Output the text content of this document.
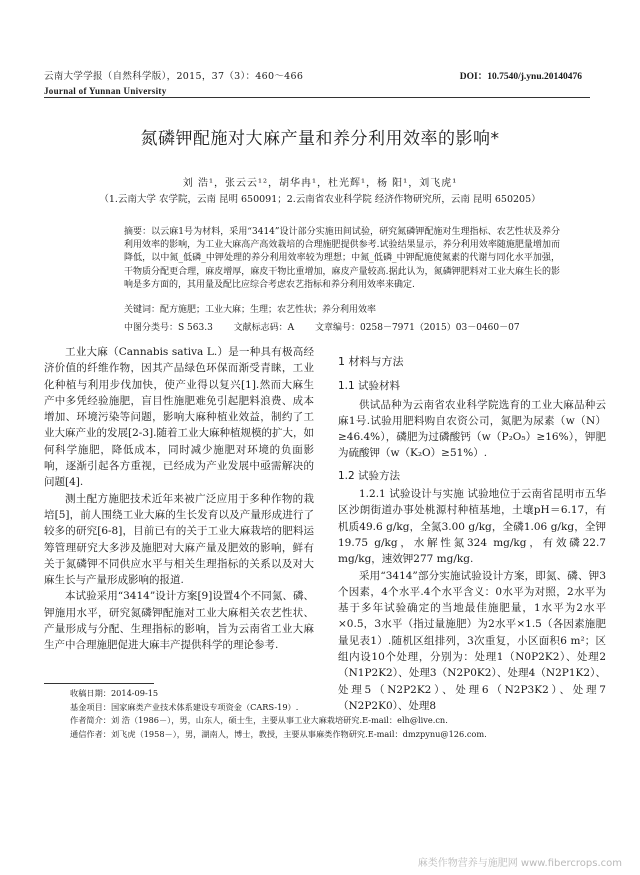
云南大学学报（自然科学版），2015，37（3）：460～466
Journal of Yunnan University
DOI：10.7540/j.ynu.20140476
氮磷钾配施对大麻产量和养分利用效率的影响*
刘 浩¹，张云云¹²，胡华冉¹，杜光辉¹，杨 阳¹，刘飞虎¹
（1.云南大学 农学院，云南 昆明 650091；2.云南省农业科学院 经济作物研究所，云南 昆明 650205）
摘要：以云麻1号为材料，采用“3414”设计部分实施田间试验，研究氮磷钾配施对生理指标、农艺性状及养分利用效率的影响，为工业大麻高产高效栽培的合理施肥提供参考.试验结果显示，养分利用效率随施肥量增加而降低，以中氮_低磷_中钾处理的养分利用效率较为理想；中氮_低磷_中钾配施使氮素的代谢与同化水平加强，干物质分配更合理，麻皮增厚，麻皮干物比重增加，麻皮产量较高.据此认为，氮磷钾肥料对工业大麻生长的影响是多方面的，其用量及配比应综合考虑农艺指标和养分利用效率来确定.
关键词：配方施肥；工业大麻；生理；农艺性状；养分利用效率
中图分类号：S 563.3 文献标志码：A 文章编号：0258－7971（2015）03－0460－07

工业大麻（Cannabis sativa L.）是一种具有极高经济价值的纤维作物，因其产品绿色环保而渐受青睐，工业化种植与利用步伐加快，使产业得以复兴[1].然而大麻生产中多凭经验施肥，盲目性施肥难免引起肥料浪费、成本增加、环境污染等问题，影响大麻种植业效益，制约了工业大麻产业的发展[2-3].随着工业大麻种植规模的扩大，如何科学施肥，降低成本，同时减少施肥对环境的负面影响，逐渐引起各方重视，已经成为产业发展中亟需解决的问题[4].

测土配方施肥技术近年来被广泛应用于多种作物的栽培[5]，前人围绕工业大麻的生长发育以及产量形成进行了较多的研究[6-8]，目前已有的关于工业大麻栽培的肥料运筹管理研究大多涉及施肥对大麻产量及肥效的影响，鲜有关于氮磷钾不同供应水平与相关生理指标的关系以及对大麻生长与产量形成影响的报道.

本试验采用“3414”设计方案[9]设置4个不同氮、磷、钾施用水平，研究氮磷钾配施对工业大麻相关农艺性状、产量形成与分配、生理指标的影响，旨为云南省工业大麻生产中合理施肥促进大麻丰产提供科学的理论参考.

1 材料与方法
1.1 试验材料

供试品种为云南省农业科学院选育的工业大麻品种云麻1号.试验用肥料购自农资公司，氮肥为尿素（w（N）≥46.4%），磷肥为过磷酸钙（w（P₂O₅）≥16%），钾肥为硫酸钾（w（K₂O）≥51%）.

1.2 试验方法

1.2.1 试验设计与实施 试验地位于云南省昆明市五华区沙朗街道办事处桃源村种植基地，土壤pH＝6.17，有机质49.6 g/kg，全氮3.00 g/kg，全磷1.06 g/kg，全钾19.75 g/kg，水解性氮324 mg/kg，有效磷22.7 mg/kg，速效钾277 mg/kg.

采用“3414”部分实施试验设计方案，即氮、磷、钾3个因素，4个水平.4个水平含义：0水平为对照，2水平为基于多年试验确定的当地最佳施肥量，1水平为2水平×0.5，3水平（指过量施肥）为2水平×1.5（各因素施肥量见表1）.随机区组排列，3次重复，小区面积6 m²；区组内设10个处理，分别为：处理1（N0P2K2）、处理2（N1P2K2）、处理3（N2P0K2）、处理4（N2P1K2）、处理5（N2P2K2）、处理6（N2P3K2）、处理7（N2P2K0）、处理8

收稿日期：2014-09-15
基金项目：国家麻类产业技术体系建设专项资金（CARS-19）.
作者简介：刘 浩（1986－），男，山东人，硕士生，主要从事工业大麻栽培研究.E-mail：elh@live.cn.
通信作者：刘飞虎（1958－），男，湖南人，博士，教授，主要从事麻类作物研究.E-mail：dmzpynu@126.com.
麻类作物营养与施肥网 www.fibercrops.com
